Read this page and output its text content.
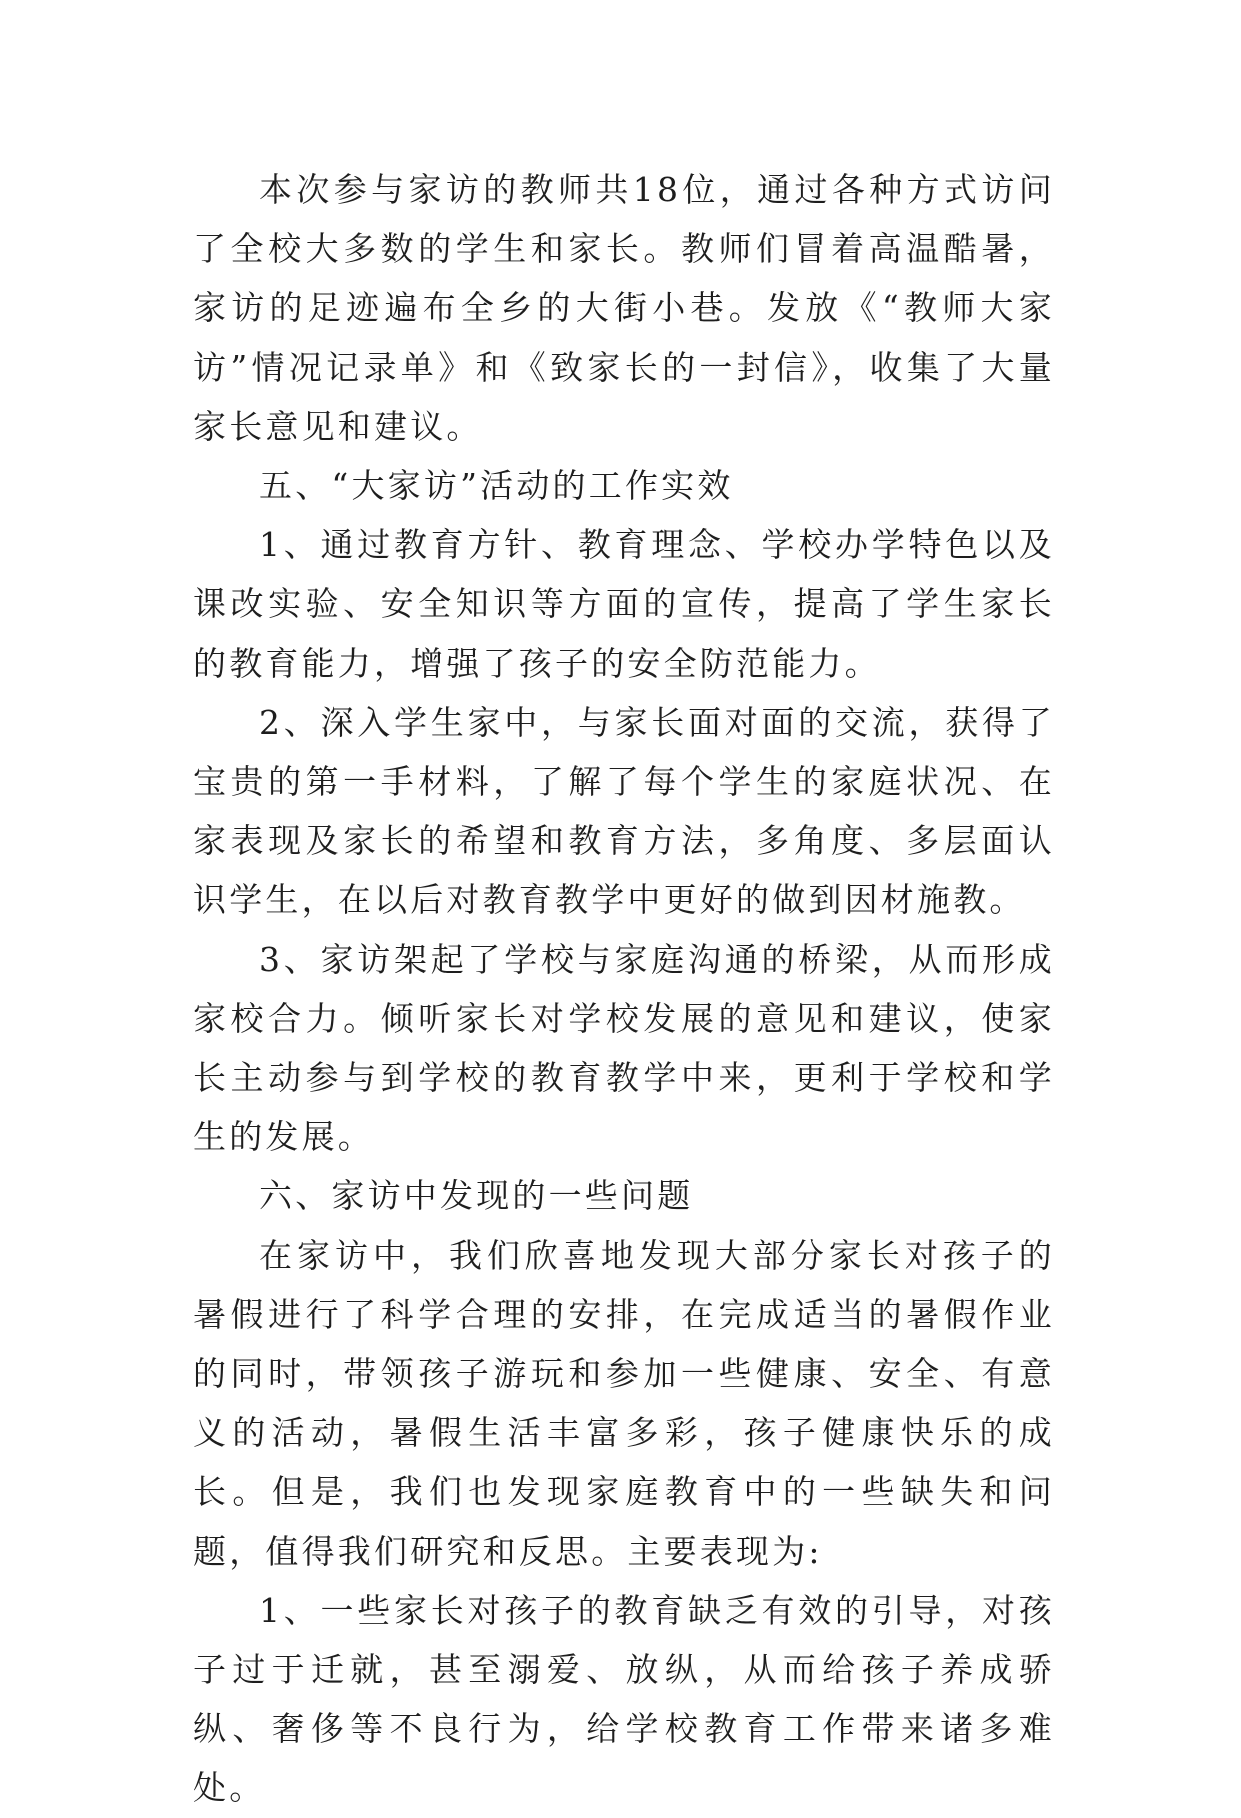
本次参与家访的教师共18位，通过各种方式访问了全校大多数的学生和家长。教师们冒着高温酷暑，家访的足迹遍布全乡的大街小巷。发放《“教师大家访”情况记录单》和《致家长的一封信》，收集了大量家长意见和建议。

五、“大家访”活动的工作实效

1、通过教育方针、教育理念、学校办学特色以及课改实验、安全知识等方面的宣传，提高了学生家长的教育能力，增强了孩子的安全防范能力。

2、深入学生家中，与家长面对面的交流，获得了宝贵的第一手材料，了解了每个学生的家庭状况、在家表现及家长的希望和教育方法，多角度、多层面认识学生，在以后对教育教学中更好的做到因材施教。

3、家访架起了学校与家庭沟通的桥梁，从而形成家校合力。倾听家长对学校发展的意见和建议，使家长主动参与到学校的教育教学中来，更利于学校和学生的发展。

六、家访中发现的一些问题

在家访中，我们欣喜地发现大部分家长对孩子的暑假进行了科学合理的安排，在完成适当的暑假作业的同时，带领孩子游玩和参加一些健康、安全、有意义的活动，暑假生活丰富多彩，孩子健康快乐的成长。但是，我们也发现家庭教育中的一些缺失和问题，值得我们研究和反思。主要表现为:

1、一些家长对孩子的教育缺乏有效的引导，对孩子过于迁就，甚至溺爱、放纵，从而给孩子养成骄纵、奢侈等不良行为，给学校教育工作带来诸多难处。
